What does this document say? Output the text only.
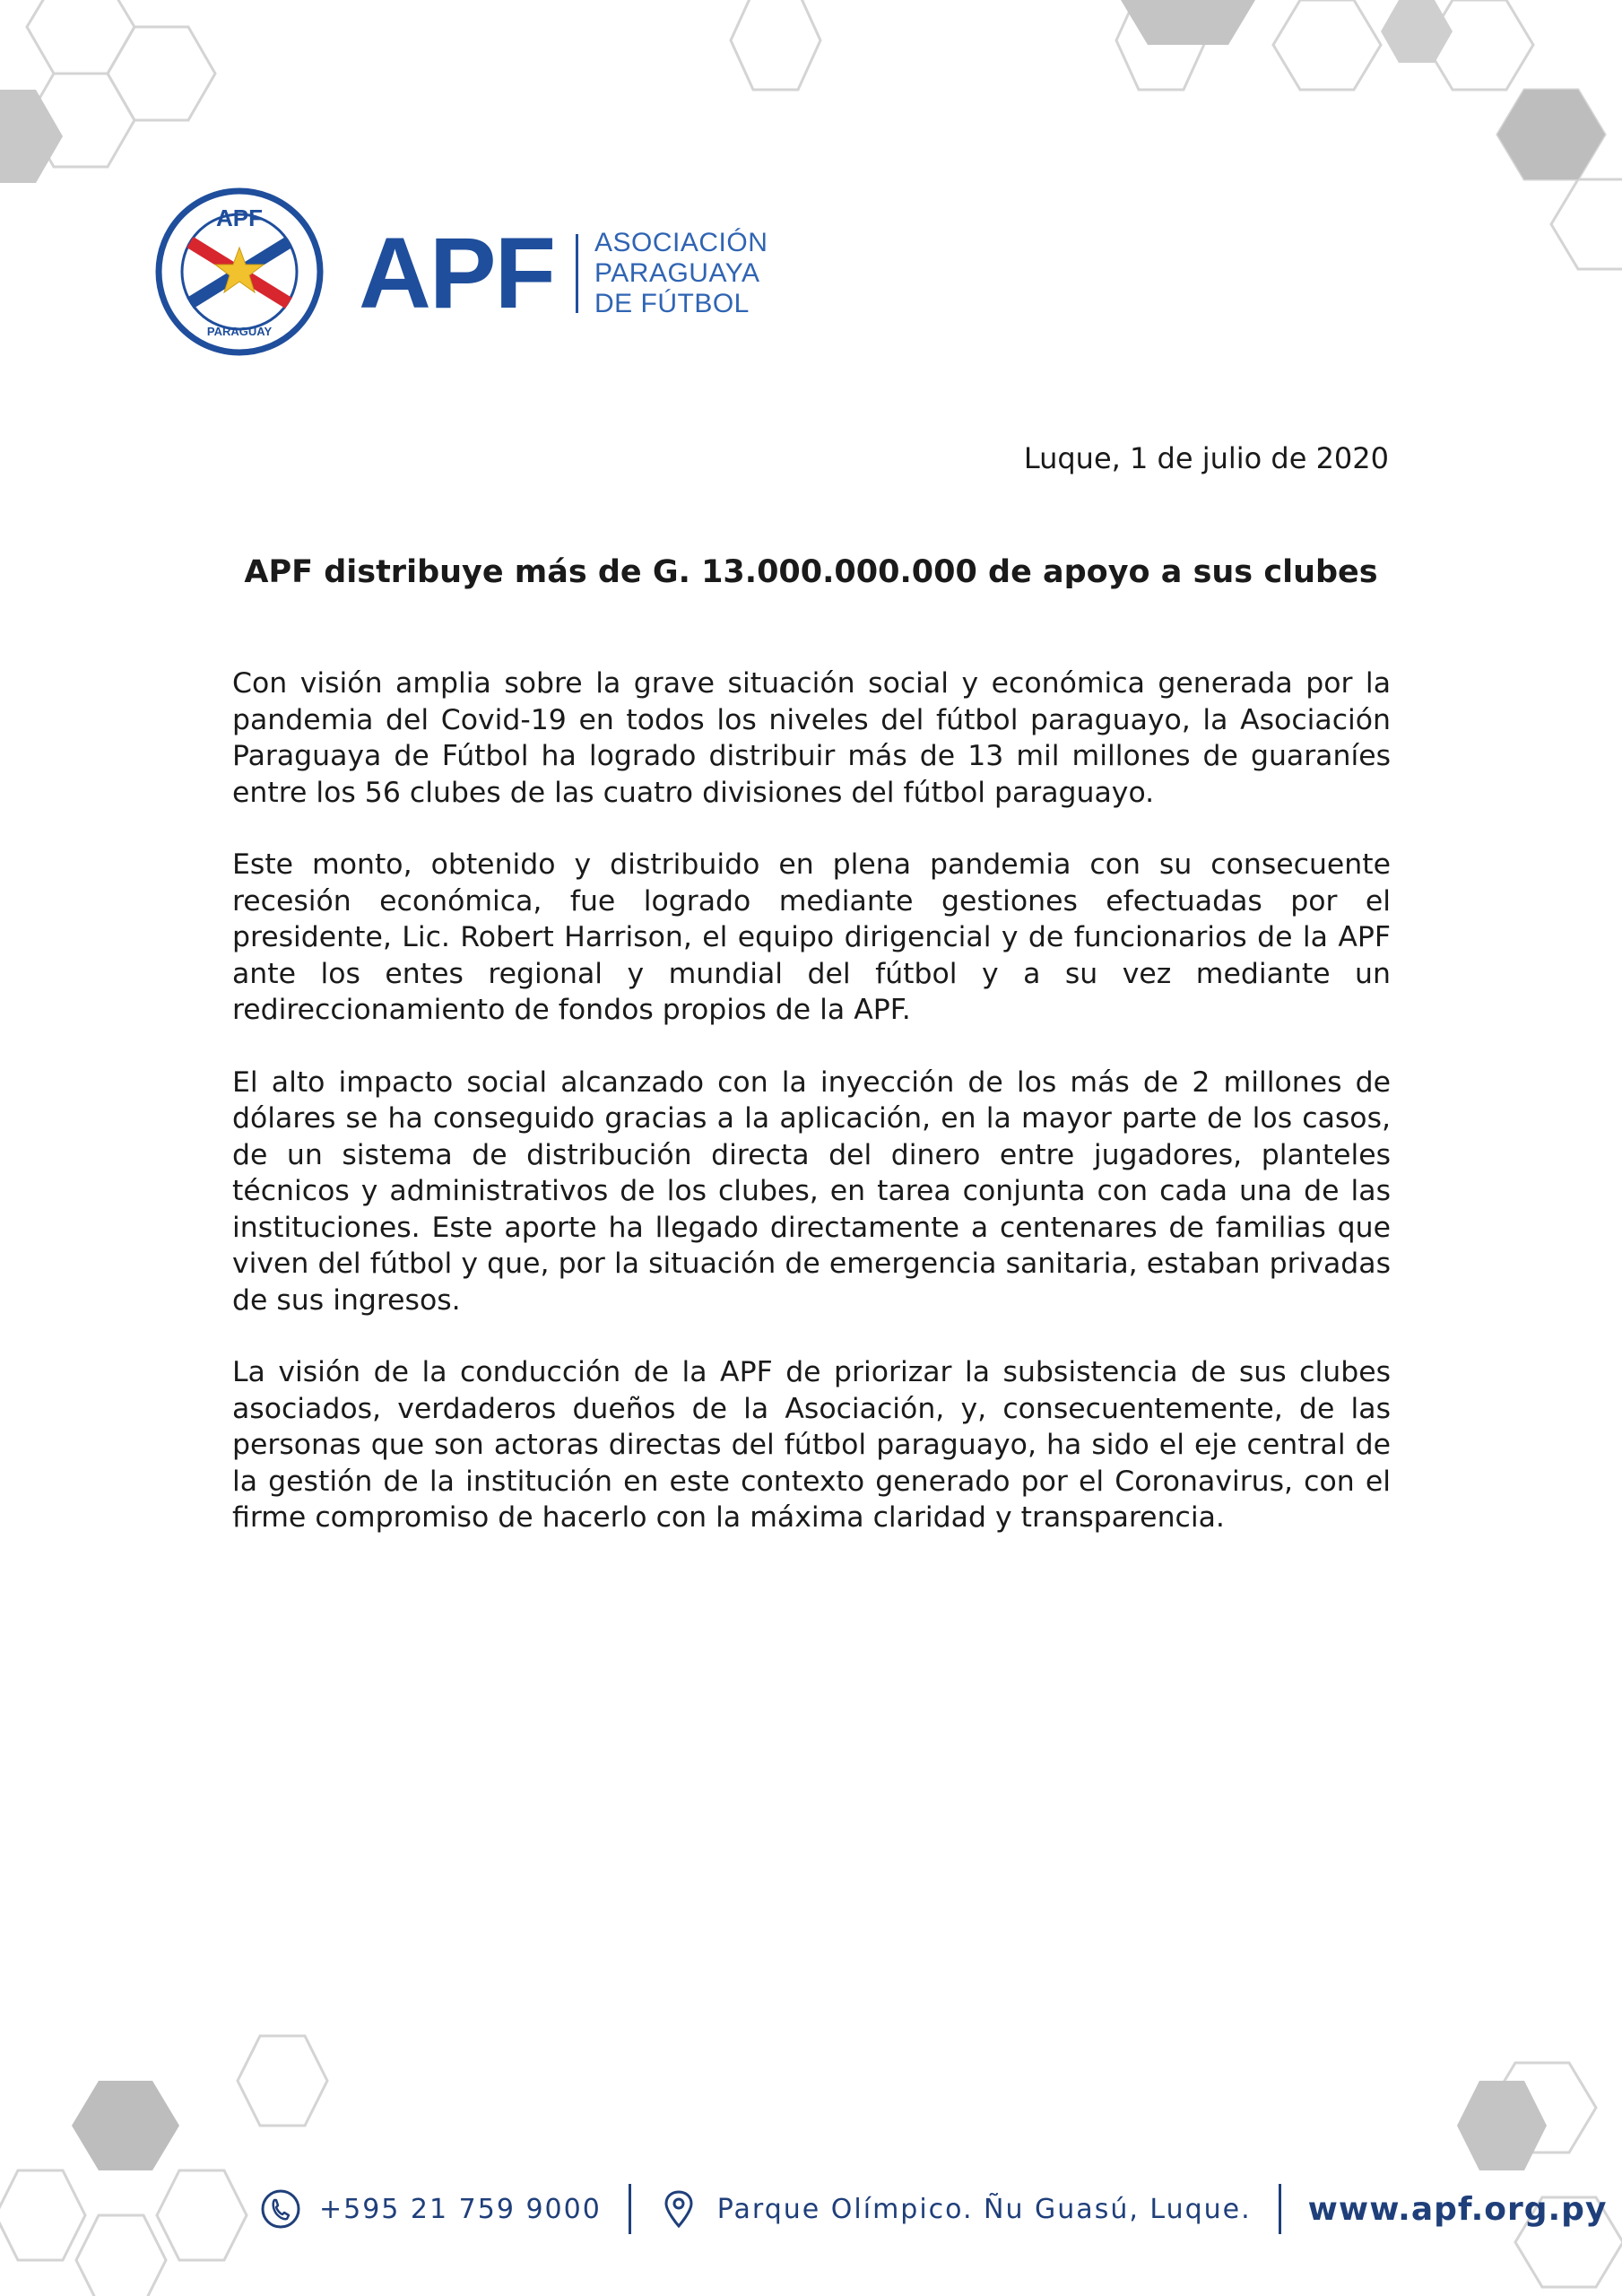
APF
PARAGUAY
APF ASOCIACIÓN
PARAGUAYA
DE FÚTBOL
Luque, 1 de julio de 2020
APF distribuye más de G. 13.000.000.000 de apoyo a sus clubes

Con visión amplia sobre la grave situación social y económica generada por la pandemia del Covid-19 en todos los niveles del fútbol paraguayo, la Asociación Paraguaya de Fútbol ha logrado distribuir más de 13 mil millones de guaraníes entre los 56 clubes de las cuatro divisiones del fútbol paraguayo.

Este monto, obtenido y distribuido en plena pandemia con su consecuente recesión económica, fue logrado mediante gestiones efectuadas por el presidente, Lic. Robert Harrison, el equipo dirigencial y de funcionarios de la APF ante los entes regional y mundial del fútbol y a su vez mediante un redireccionamiento de fondos propios de la APF.

El alto impacto social alcanzado con la inyección de los más de 2 millones de dólares se ha conseguido gracias a la aplicación, en la mayor parte de los casos, de un sistema de distribución directa del dinero entre jugadores, planteles técnicos y administrativos de los clubes, en tarea conjunta con cada una de las instituciones. Este aporte ha llegado directamente a centenares de familias que viven del fútbol y que, por la situación de emergencia sanitaria, estaban privadas de sus ingresos.

La visión de la conducción de la APF de priorizar la subsistencia de sus clubes asociados, verdaderos dueños de la Asociación, y, consecuentemente, de las personas que son actoras directas del fútbol paraguayo, ha sido el eje central de la gestión de la institución en este contexto generado por el Coronavirus, con el firme compromiso de hacerlo con la máxima claridad y transparencia.

+595 21 759 9000	Parque Olímpico. Ñu Guasú, Luque. www.apf.org.py
